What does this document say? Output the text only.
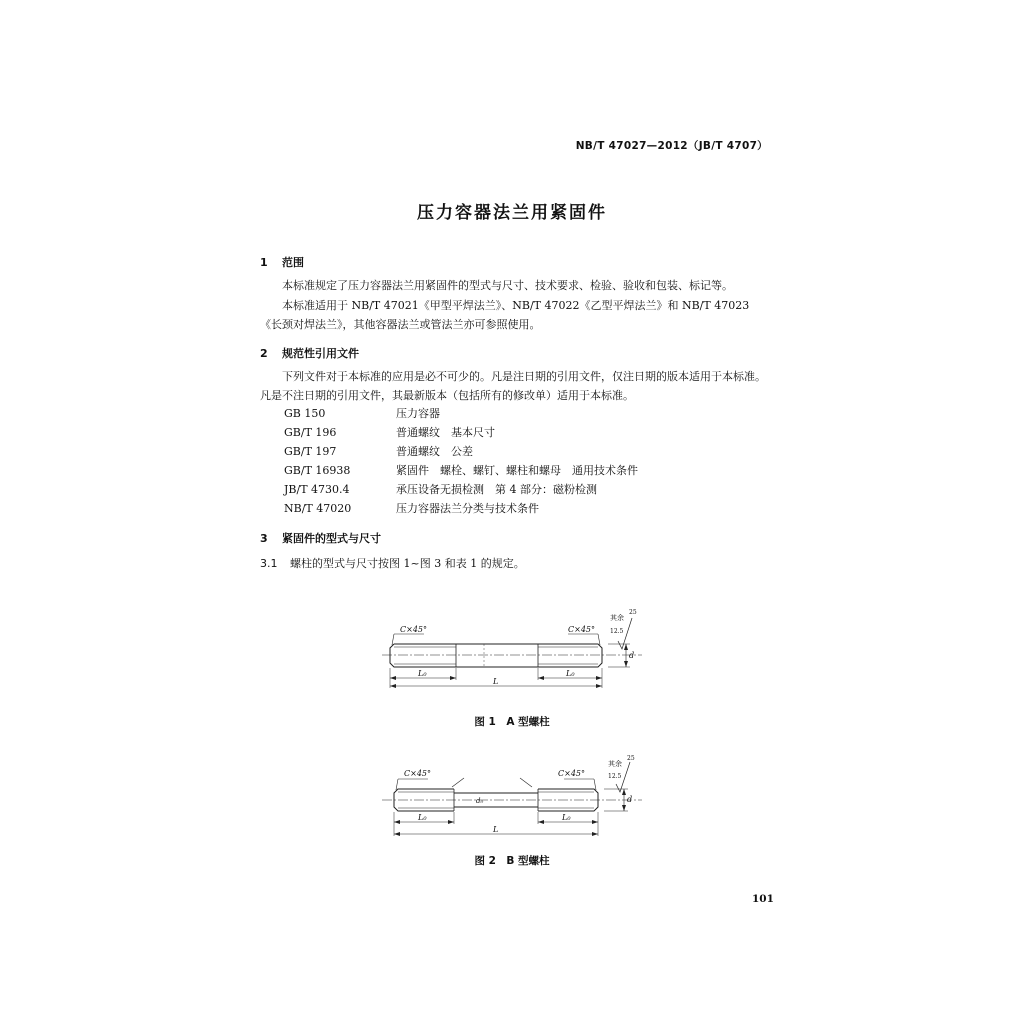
NB/T 47027—2012（JB/T 4707）
压力容器法兰用紧固件
1 范围
本标准规定了压力容器法兰用紧固件的型式与尺寸、技术要求、检验、验收和包装、标记等。
本标准适用于 NB/T 47021《甲型平焊法兰》、NB/T 47022《乙型平焊法兰》和 NB/T 47023《长颈对焊法兰》，其他容器法兰或管法兰亦可参照使用。
2 规范性引用文件
下列文件对于本标准的应用是必不可少的。凡是注日期的引用文件，仅注日期的版本适用于本标准。凡是不注日期的引用文件，其最新版本（包括所有的修改单）适用于本标准。
GB 150	压力容器
GB/T 196	普通螺纹　基本尺寸
GB/T 197	普通螺纹　公差
GB/T 16938	紧固件　螺栓、螺钉、螺柱和螺母　通用技术条件
JB/T 4730.4	承压设备无损检测　第 4 部分：磁粉检测
NB/T 47020	压力容器法兰分类与技术条件
3 紧固件的型式与尺寸
3.1 螺柱的型式与尺寸按图 1~图 3 和表 1 的规定。
C×45°	C×45°
其余
25
12.5
d
L₀	L₀
L
图 1　A 型螺柱
C×45°	C×45°
其余
25
12.5
d
d₀
L₀	L₀
L
图 2　B 型螺柱
101
